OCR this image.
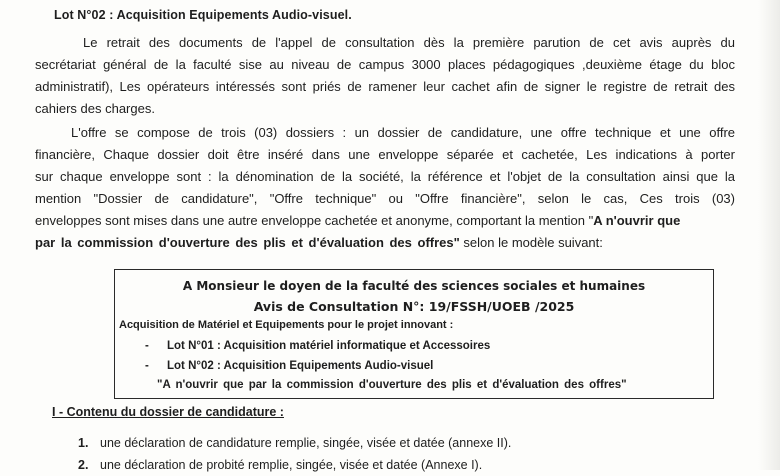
Lot N°02 : Acquisition Equipements Audio-visuel.
Le retrait des documents de l'appel de consultation dès la première parution de cet avis auprès du
secrétariat général de la faculté sise au niveau de campus 3000 places pédagogiques ,deuxième étage du bloc
administratif), Les opérateurs intéressés sont priés de ramener leur cachet afin de signer le registre de retrait des
cahiers des charges.
L'offre se compose de trois (03) dossiers : un dossier de candidature, une offre technique et une offre
financière, Chaque dossier doit être inséré dans une enveloppe séparée et cachetée, Les indications à porter
sur chaque enveloppe sont : la dénomination de la société, la référence et l'objet de la consultation ainsi que la
mention "Dossier de candidature", "Offre technique" ou "Offre financière", selon le cas, Ces trois (03)
enveloppes sont mises dans une autre enveloppe cachetée et anonyme, comportant la mention "A n'ouvrir que
par la commission d'ouverture des plis et d'évaluation des offres" selon le modèle suivant:
A Monsieur le doyen de la faculté des sciences sociales et humaines
Avis de Consultation N°: 19/FSSH/UOEB /2025
Acquisition de Matériel et Equipements pour le projet innovant :
- Lot N°01 : Acquisition matériel informatique et Accessoires
- Lot N°02 : Acquisition Equipements Audio-visuel
"A n'ouvrir que par la commission d'ouverture des plis et d'évaluation des offres"
I - Contenu du dossier de candidature :
1. une déclaration de candidature remplie, singée, visée et datée (annexe II).
2. une déclaration de probité remplie, singée, visée et datée (Annexe I).
